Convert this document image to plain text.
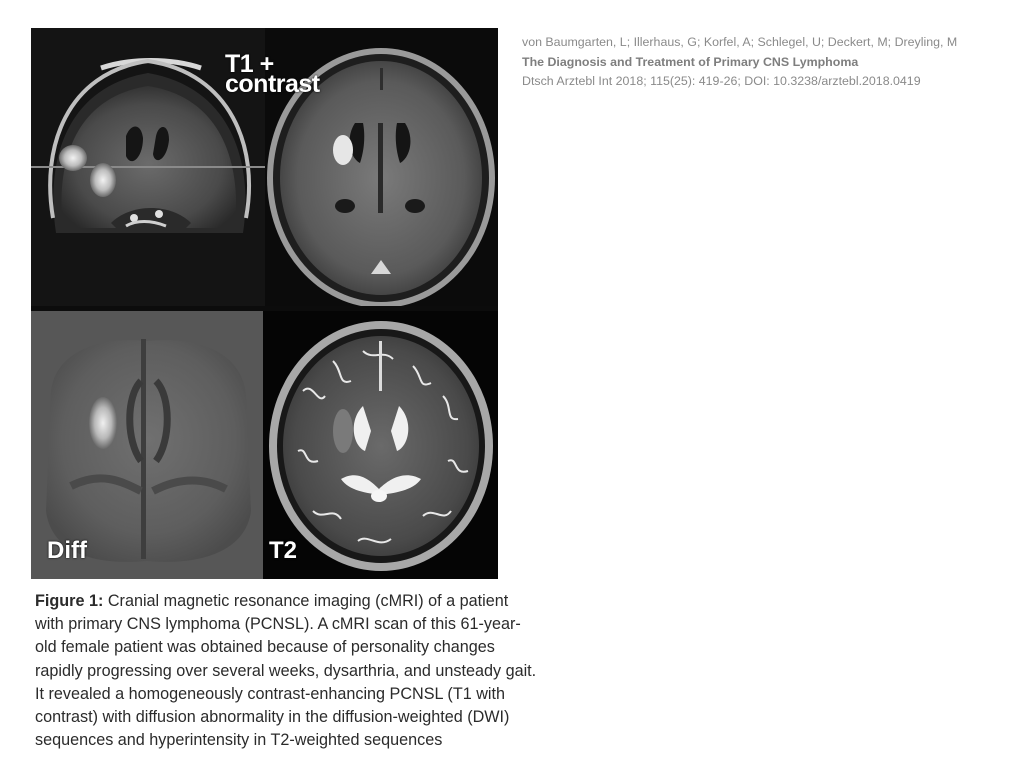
T1 +
contrast
Diff	T2
Figure 1: Cranial magnetic resonance imaging (cMRI) of a patient
with primary CNS lymphoma (PCNSL). A cMRI scan of this 61-year-
old female patient was obtained because of personality changes
rapidly progressing over several weeks, dysarthria, and unsteady gait.
It revealed a homogeneously contrast-enhancing PCNSL (T1 with
contrast) with diffusion abnormality in the diffusion-weighted (DWI)
sequences and hyperintensity in T2-weighted sequences
von Baumgarten, L; Illerhaus, G; Korfel, A; Schlegel, U; Deckert, M; Dreyling, M
The Diagnosis and Treatment of Primary CNS Lymphoma
Dtsch Arztebl Int 2018; 115(25): 419-26; DOI: 10.3238/arztebl.2018.0419
